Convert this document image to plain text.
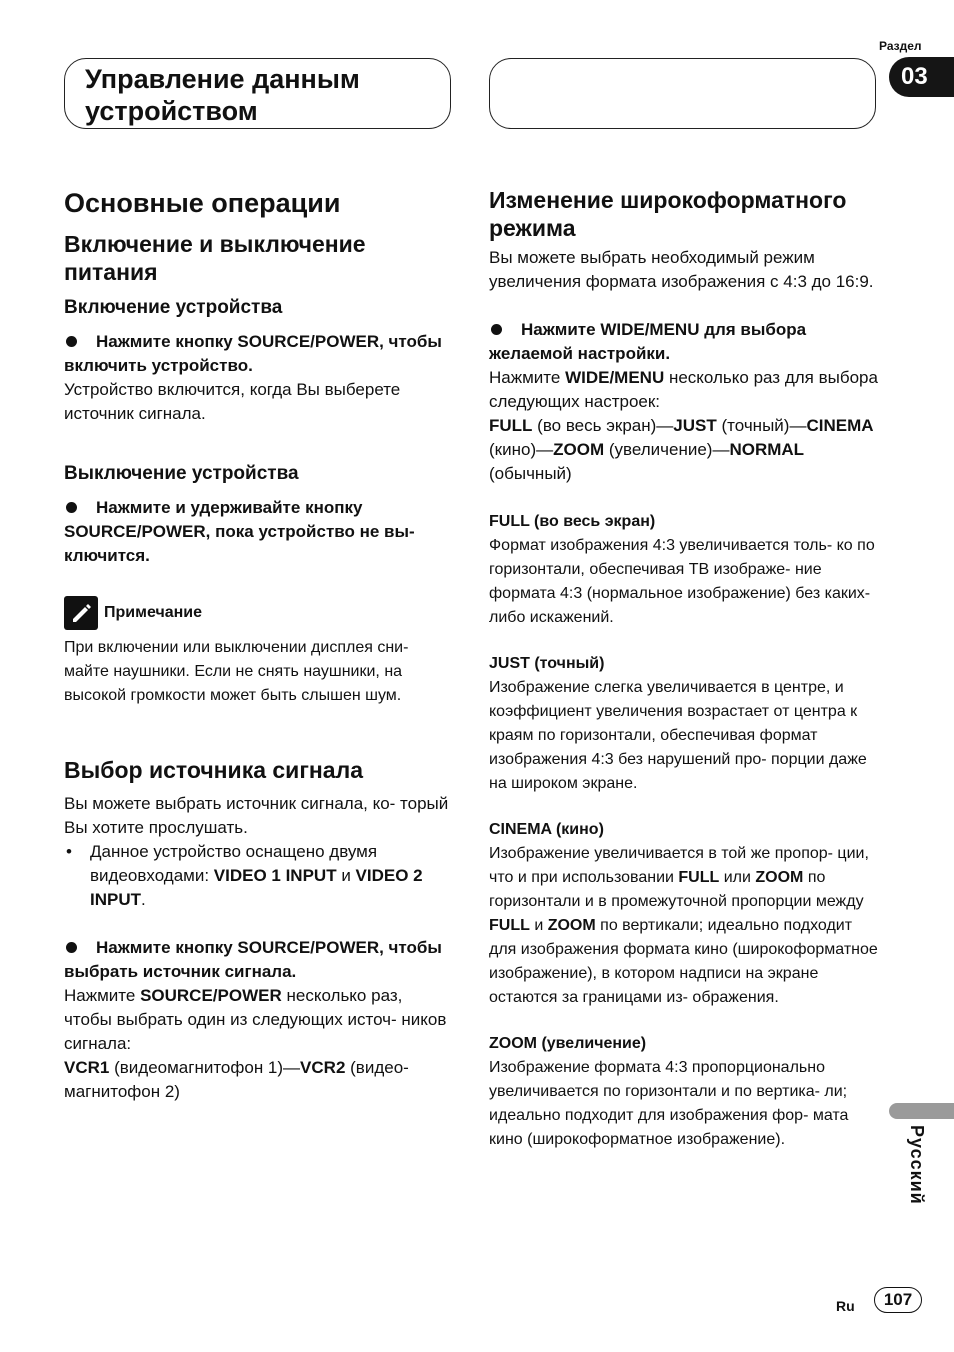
Управление данным
устройством
Раздел
03

Основные операции

Включение и выключение питания

Включение устройства

Нажмите кнопку SOURCE/POWER, чтобы включить устройство.

Устройство включится, когда Вы выберете источник сигнала.

Выключение устройства

Нажмите и удерживайте кнопку SOURCE/POWER, пока устройство не вы- ключится.

Примечание

При включении или выключении дисплея сни- майте наушники. Если не снять наушники, на высокой громкости может быть слышен шум.

Выбор источника сигнала

Вы можете выбрать источник сигнала, ко- торый Вы хотите прослушать.

• Данное устройство оснащено двумя видеовходами: VIDEO 1 INPUT и VIDEO 2 INPUT.

Нажмите кнопку SOURCE/POWER, чтобы выбрать источник сигнала.

Нажмите SOURCE/POWER несколько раз, чтобы выбрать один из следующих источ- ников сигнала:

VCR1 (видеомагнитофон 1)—VCR2 (видео- магнитофон 2)

Изменение широкоформатного режима

Вы можете выбрать необходимый режим увеличения формата изображения с 4:3 до 16:9.

Нажмите WIDE/MENU для выбора желаемой настройки.

Нажмите WIDE/MENU несколько раз для выбора следующих настроек:

FULL (во весь экран)—JUST (точный)—CINEMA (кино)—ZOOM (увеличение)—NORMAL (обычный)

FULL (во весь экран)

Формат изображения 4:3 увеличивается толь- ко по горизонтали, обеспечивая ТВ изображе- ние формата 4:3 (нормальное изображение) без каких-либо искажений.

JUST (точный)

Изображение слегка увеличивается в центре, и коэффициент увеличения возрастает от центра к краям по горизонтали, обеспечивая формат изображения 4:3 без нарушений про- порции даже на широком экране.

CINEMA (кино)

Изображение увеличивается в той же пропор- ции, что и при использовании FULL или ZOOM по горизонтали и в промежуточной пропорции между FULL и ZOOM по вертикали; идеально подходит для изображения формата кино (широкоформатное изображение), в котором надписи на экране остаются за границами из- ображения.

ZOOM (увеличение)

Изображение формата 4:3 пропорционально увеличивается по горизонтали и по вертика- ли; идеально подходит для изображения фор- мата кино (широкоформатное изображение).	Русский
Ru	107
